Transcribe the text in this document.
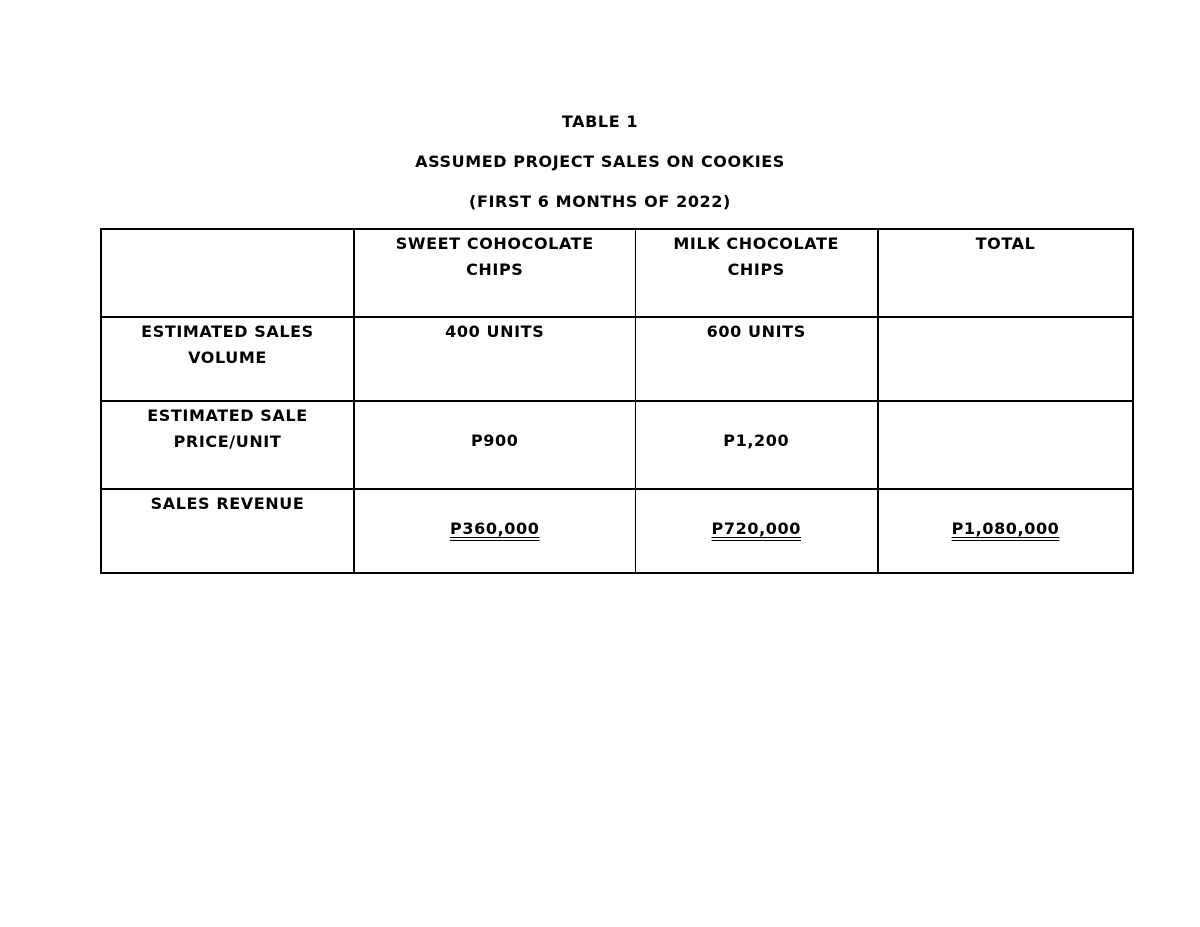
TABLE 1

ASSUMED PROJECT SALES ON COOKIES

(FIRST 6 MONTHS OF 2022)

	SWEET COHOCOLATE CHIPS	MILK CHOCOLATE CHIPS	TOTAL
ESTIMATED SALES VOLUME	400 UNITS	600 UNITS	
ESTIMATED SALE PRICE/UNIT	P900	P1,200	

SALES REVENUE	P360,000	P720,000	P1,080,000
